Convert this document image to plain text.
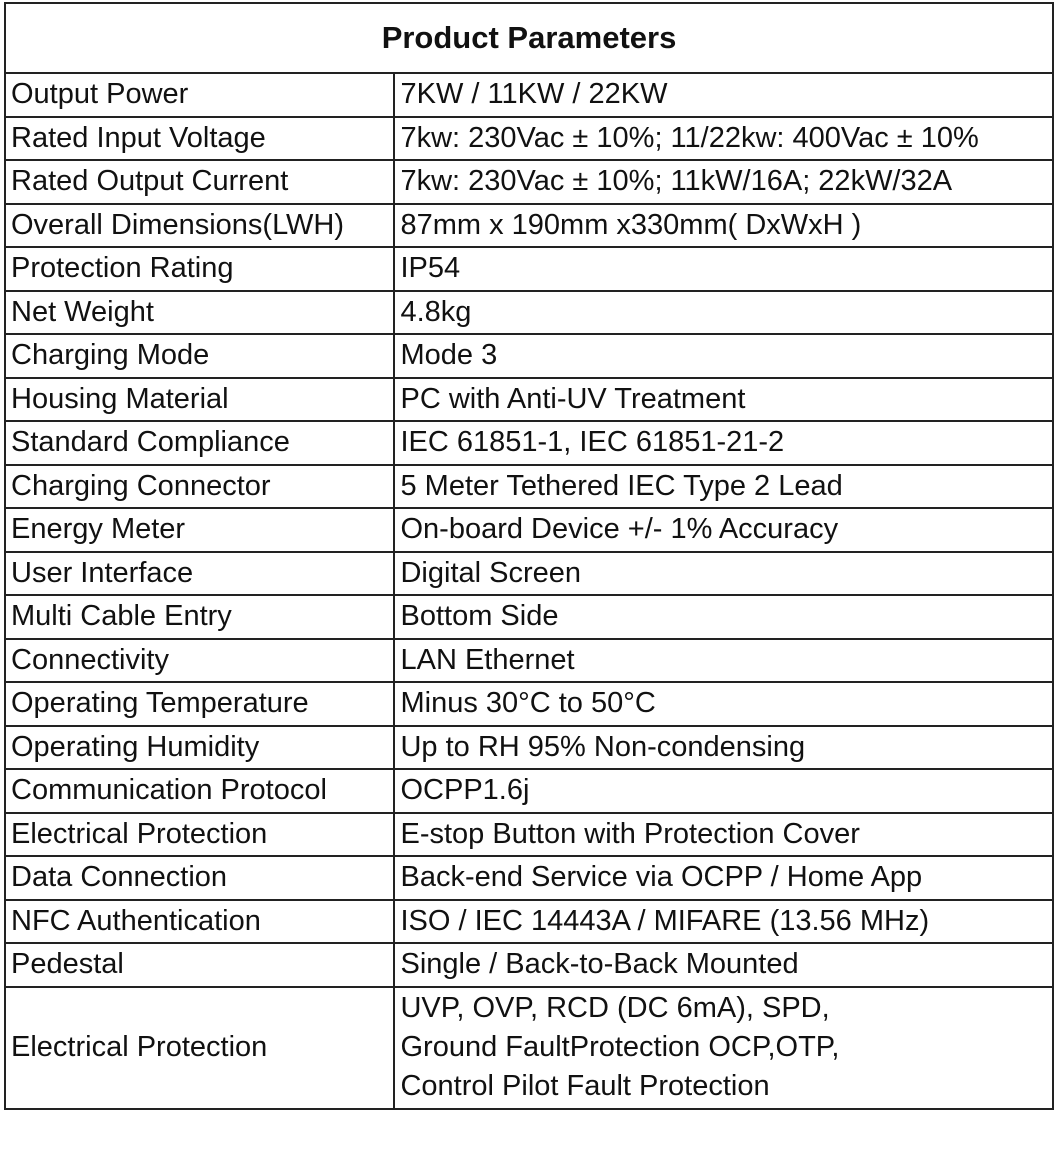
Product Parameters	
Output Power	7KW / 11KW / 22KW
Rated Input Voltage	7kw: 230Vac ± 10%; 11/22kw: 400Vac ± 10%
Rated Output Current	7kw: 230Vac ± 10%; 11kW/16A; 22kW/32A
Overall Dimensions(LWH)	87mm x 190mm x330mm( DxWxH )
Protection Rating	IP54
Net Weight	4.8kg
Charging Mode	Mode 3
Housing Material	PC with Anti-UV Treatment
Standard Compliance	IEC 61851-1, IEC 61851-21-2
Charging Connector	5 Meter Tethered IEC Type 2 Lead
Energy Meter	On-board Device +/- 1% Accuracy
User Interface	Digital Screen
Multi Cable Entry	Bottom Side
Connectivity	LAN Ethernet
Operating Temperature	Minus 30°C to 50°C
Operating Humidity	Up to RH 95% Non-condensing
Communication Protocol	OCPP1.6j
Electrical Protection	E-stop Button with Protection Cover
Data Connection	Back-end Service via OCPP / Home App
NFC Authentication	ISO / IEC 14443A / MIFARE (13.56 MHz)
Pedestal	Single / Back-to-Back Mounted
Electrical Protection	UVP, OVP, RCD (DC 6mA), SPD,
Ground FaultProtection OCP,OTP,
Control Pilot Fault Protection
